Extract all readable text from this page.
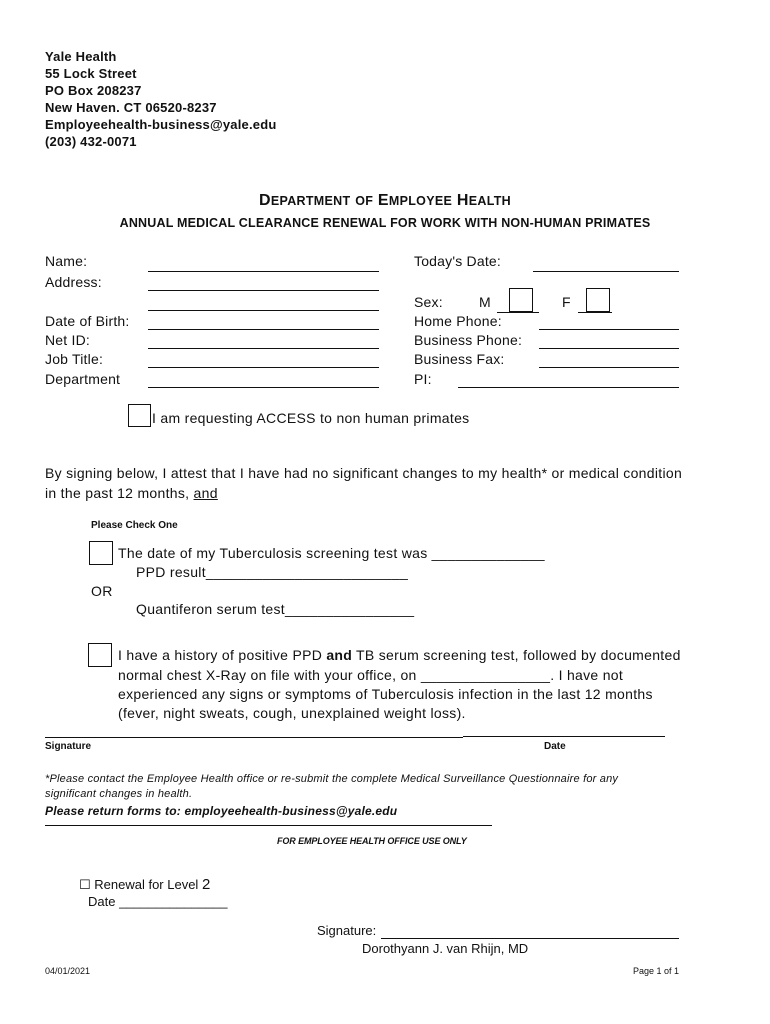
Yale Health
55 Lock Street
PO Box 208237
New Haven. CT 06520-8237
Employeehealth-business@yale.edu
(203) 432-0071
DEPARTMENT OF EMPLOYEE HEALTH
ANNUAL MEDICAL CLEARANCE RENEWAL FOR WORK WITH NON-HUMAN PRIMATES
Name:
Address:
Date of Birth:
Net ID:
Job Title:
Department
Today's Date:
Sex:	M	F
Home Phone:
Business Phone:
Business Fax:
PI:
I am requesting ACCESS to non human primates
By signing below, I attest that I have had no significant changes to my health* or medical condition
in the past 12 months, and
Please Check One
The date of my Tuberculosis screening test was ______________
PPD result_________________________
OR
Quantiferon serum test________________
I have a history of positive PPD and TB serum screening test, followed by documented
normal chest X-Ray on file with your office, on ________________. I have not
experienced any signs or symptoms of Tuberculosis infection in the last 12 months
(fever, night sweats, cough, unexplained weight loss).
Signature	Date
*Please contact the Employee Health office or re-submit the complete Medical Surveillance Questionnaire for any
significant changes in health.
Please return forms to: employeehealth-business@yale.edu
FOR EMPLOYEE HEALTH OFFICE USE ONLY
☐ Renewal for Level 2
Date _______________
Signature:
Dorothyann J. van Rhijn, MD
04/01/2021	Page 1 of 1
